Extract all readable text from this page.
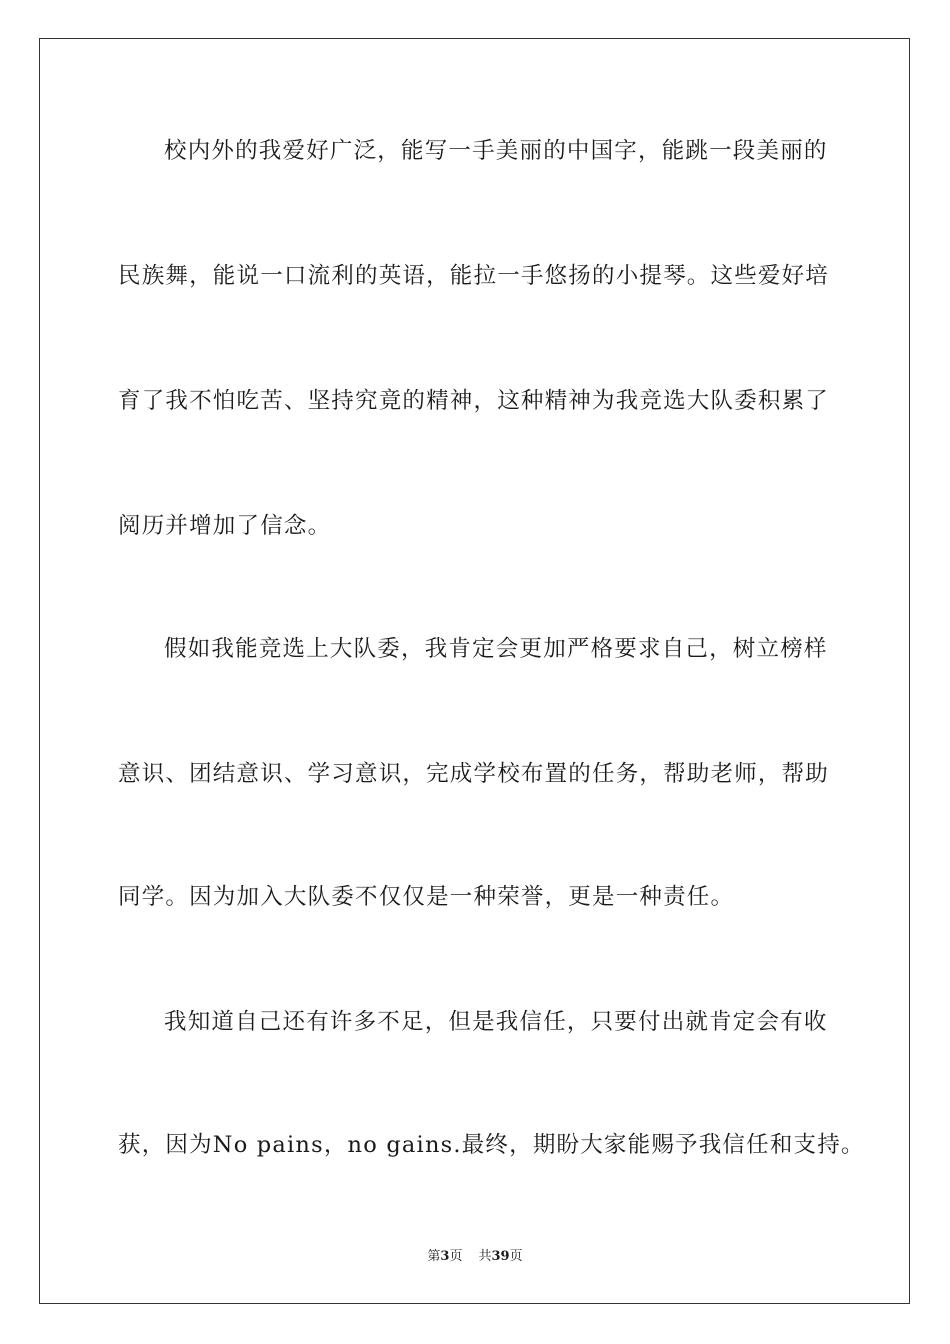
校内外的我爱好广泛，能写一手美丽的中国字，能跳一段美丽的

民族舞，能说一口流利的英语，能拉一手悠扬的小提琴。这些爱好培

育了我不怕吃苦、坚持究竟的精神，这种精神为我竞选大队委积累了

阅历并增加了信念。

假如我能竞选上大队委，我肯定会更加严格要求自己，树立榜样

意识、团结意识、学习意识，完成学校布置的任务，帮助老师，帮助

同学。因为加入大队委不仅仅是一种荣誉，更是一种责任。

我知道自己还有许多不足，但是我信任，只要付出就肯定会有收

获，因为No pains，no gains.最终，期盼大家能赐予我信任和支持。

第3页 共39页
